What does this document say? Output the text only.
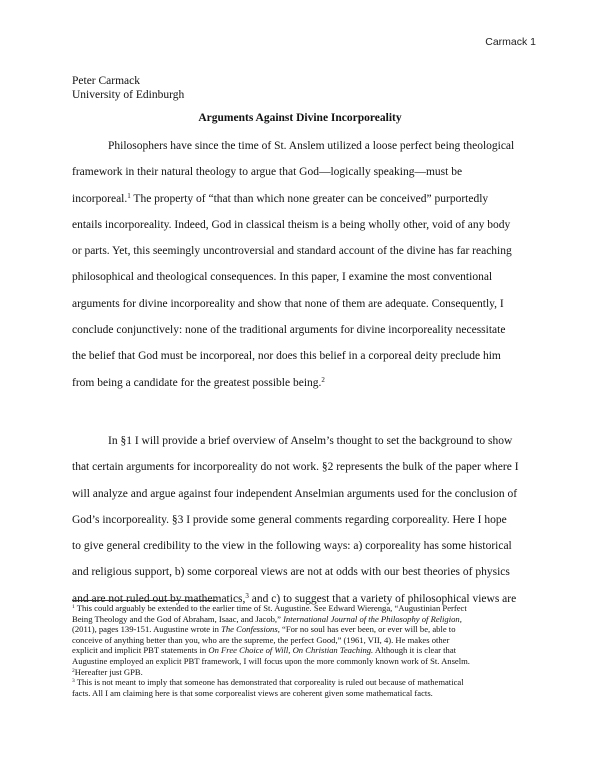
Carmack 1
Peter Carmack
University of Edinburgh
Arguments Against Divine Incorporeality
Philosophers have since the time of St. Anslem utilized a loose perfect being theological
framework in their natural theology to argue that God—logically speaking—must be
incorporeal.$^1$ The property of “that than which none greater can be conceived” purportedly
entails incorporeality. Indeed, God in classical theism is a being wholly other, void of any body
or parts. Yet, this seemingly uncontroversial and standard account of the divine has far reaching
philosophical and theological consequences. In this paper, I examine the most conventional
arguments for divine incorporeality and show that none of them are adequate. Consequently, I
conclude conjunctively: none of the traditional arguments for divine incorporeality necessitate
the belief that God must be incorporeal, nor does this belief in a corporeal deity preclude him
from being a candidate for the greatest possible being.$^2$
In §1 I will provide a brief overview of Anselm’s thought to set the background to show
that certain arguments for incorporeality do not work. §2 represents the bulk of the paper where I
will analyze and argue against four independent Anselmian arguments used for the conclusion of
God’s incorporeality. §3 I provide some general comments regarding corporeality. Here I hope
to give general credibility to the view in the following ways: a) corporeality has some historical
and religious support, b) some corporeal views are not at odds with our best theories of physics
and are not ruled out by mathematics,$^3$ and c) to suggest that a variety of philosophical views are
$^1$ This could arguably be extended to the earlier time of St. Augustine. See Edward Wierenga, “Augustinian Perfect
Being Theology and the God of Abraham, Isaac, and Jacob,” International Journal of the Philosophy of Religion,
(2011), pages 139-151. Augustine wrote in The Confessions, “For no soul has ever been, or ever will be, able to
conceive of anything better than you, who are the supreme, the perfect Good,” (1961, VII, 4). He makes other
explicit and implicit PBT statements in On Free Choice of Will, On Christian Teaching. Although it is clear that
Augustine employed an explicit PBT framework, I will focus upon the more commonly known work of St. Anselm.
$^2$Hereafter just GPB.
$^3$ This is not meant to imply that someone has demonstrated that corporeality is ruled out because of mathematical
facts. All I am claiming here is that some corporealist views are coherent given some mathematical facts.
